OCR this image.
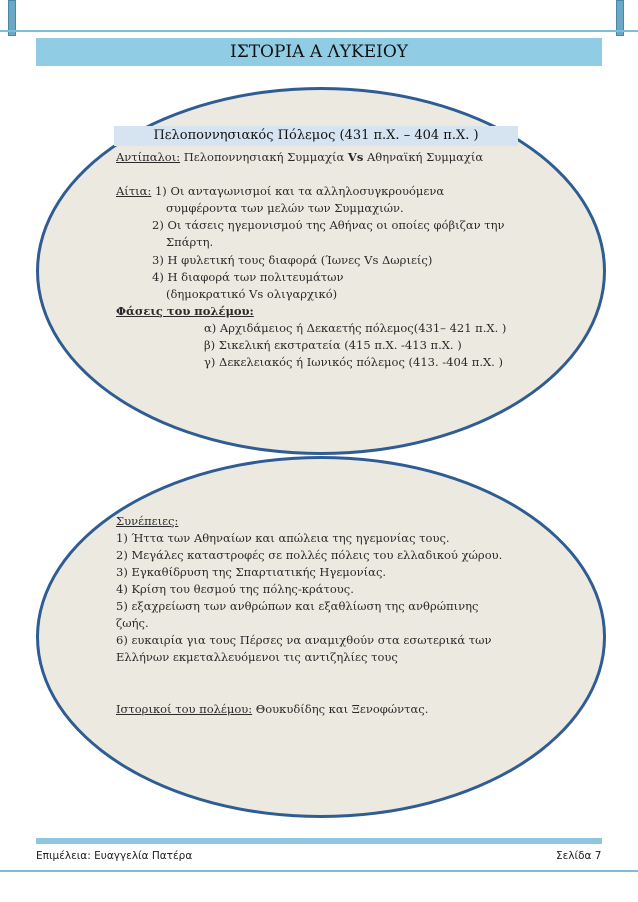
ΙΣΤΟΡΙΑ Α ΛΥΚΕΙΟΥ
Πελοποννησιακός Πόλεμος (431 π.Χ. – 404 π.Χ. )
Αντίπαλοι: Πελοποννησιακή Συμμαχία Vs Αθηναϊκή Συμμαχία
Αίτια: 1) Οι ανταγωνισμοί και τα αλληλοσυγκρουόμενα
συμφέροντα των μελών των Συμμαχιών.
2) Οι τάσεις ηγεμονισμού της Αθήνας οι οποίες φόβιζαν την
Σπάρτη.
3) Η φυλετική τους διαφορά (Ίωνες Vs Δωριείς)
4) Η διαφορά των πολιτευμάτων
(δημοκρατικό Vs ολιγαρχικό)
Φάσεις του πολέμου:
α) Αρχιδάμειος ή Δεκαετής πόλεμος(431– 421 π.Χ. )
β) Σικελική εκστρατεία (415 π.Χ. -413 π.Χ. )
γ) Δεκελειακός ή Ιωνικός πόλεμος (413. -404 π.Χ. )
Συνέπειες:
1) Ήττα των Αθηναίων και απώλεια της ηγεμονίας τους.
2) Μεγάλες καταστροφές σε πολλές πόλεις του ελλαδικού χώρου.
3) Εγκαθίδρυση της Σπαρτιατικής Ηγεμονίας.
4) Κρίση του θεσμού της πόλης-κράτους.
5) εξαχρείωση των ανθρώπων και εξαθλίωση της ανθρώπινης
ζωής.
6) ευκαιρία για τους Πέρσες να αναμιχθούν στα εσωτερικά των
Ελλήνων εκμεταλλευόμενοι τις αντιζηλίες τους
Ιστορικοί του πολέμου: Θουκυδίδης και Ξενοφώντας.
Επιμέλεια: Ευαγγελία Πατέρα	Σελίδα 7
